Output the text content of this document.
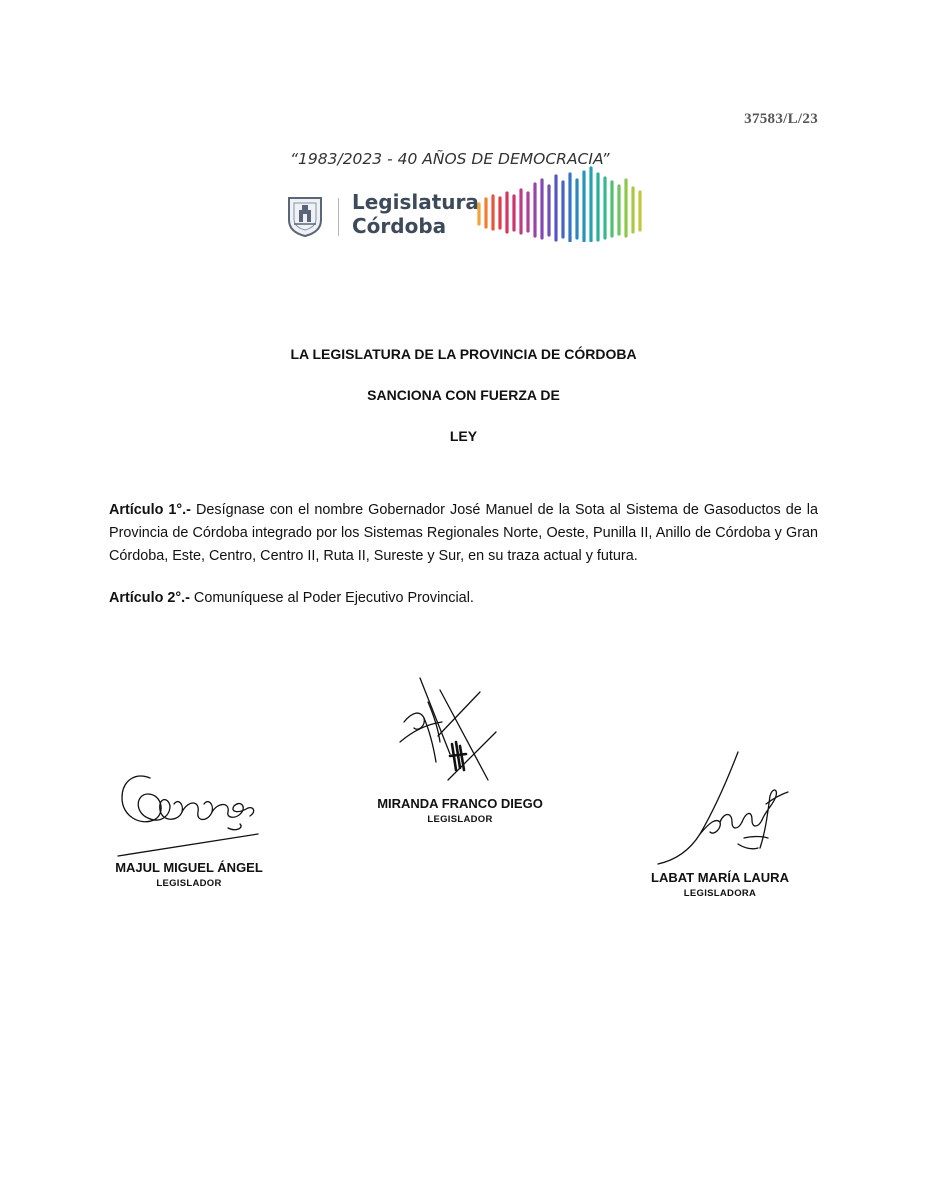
37583/L/23
“1983/2023 - 40 AÑOS DE DEMOCRACIA”
Legislatura
Córdoba
LA LEGISLATURA DE LA PROVINCIA DE CÓRDOBA
SANCIONA CON FUERZA DE
LEY
Artículo 1°.- Desígnase con el nombre Gobernador José Manuel de la Sota al Sistema de Gasoductos de la Provincia de Córdoba integrado por los Sistemas Regionales Norte, Oeste, Punilla II, Anillo de Córdoba y Gran Córdoba, Este, Centro, Centro II, Ruta II, Sureste y Sur, en su traza actual y futura.
Artículo 2°.- Comuníquese al Poder Ejecutivo Provincial.
MAJUL MIGUEL ÁNGEL
LEGISLADOR
MIRANDA FRANCO DIEGO
LEGISLADOR
LABAT MARÍA LAURA
LEGISLADORA
